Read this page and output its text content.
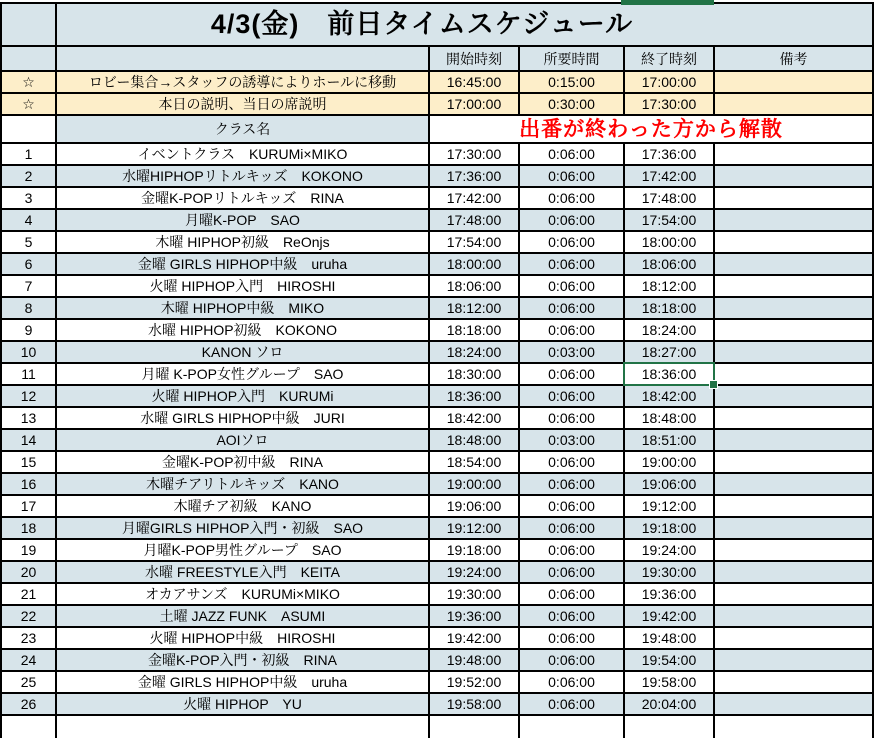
4/3(金)　前日タイムスケジュール
開始時刻	所要時間	終了時刻	備考
☆	ロビー集合→スタッフの誘導によりホールに移動	16:45:00	0:15:00	17:00:00
☆	本日の説明、当日の席説明	17:00:00	0:30:00	17:30:00
クラス名	出番が終わった方から解散
1	イベントクラス　KURUMi×MIKO	17:30:00	0:06:00	17:36:00
2	水曜HIPHOPリトルキッズ　KOKONO	17:36:00	0:06:00	17:42:00
3	金曜K-POPリトルキッズ　RINA	17:42:00	0:06:00	17:48:00
4	月曜K-POP　SAO	17:48:00	0:06:00	17:54:00
5	木曜 HIPHOP初級　ReOnjs	17:54:00	0:06:00	18:00:00
6	金曜 GIRLS HIPHOP中級　uruha	18:00:00	0:06:00	18:06:00
7	火曜 HIPHOP入門　HIROSHI	18:06:00	0:06:00	18:12:00
8	木曜 HIPHOP中級　MIKO	18:12:00	0:06:00	18:18:00
9	水曜 HIPHOP初級　KOKONO	18:18:00	0:06:00	18:24:00
10	KANON ソロ	18:24:00	0:03:00	18:27:00
11	月曜 K-POP女性グループ　SAO	18:30:00	0:06:00	18:36:00
12	火曜 HIPHOP入門　KURUMi	18:36:00	0:06:00	18:42:00
13	水曜 GIRLS HIPHOP中級　JURI	18:42:00	0:06:00	18:48:00
14	AOIソロ	18:48:00	0:03:00	18:51:00
15	金曜K-POP初中級　RINA	18:54:00	0:06:00	19:00:00
16	木曜チアリトルキッズ　KANO	19:00:00	0:06:00	19:06:00
17	木曜チア初級　KANO	19:06:00	0:06:00	19:12:00
18	月曜GIRLS HIPHOP入門・初級　SAO	19:12:00	0:06:00	19:18:00
19	月曜K-POP男性グループ　SAO	19:18:00	0:06:00	19:24:00
20	水曜 FREESTYLE入門　KEITA	19:24:00	0:06:00	19:30:00
21	オカアサンズ　KURUMi×MIKO	19:30:00	0:06:00	19:36:00
22	土曜 JAZZ FUNK　ASUMI	19:36:00	0:06:00	19:42:00
23	火曜 HIPHOP中級　HIROSHI	19:42:00	0:06:00	19:48:00
24	金曜K-POP入門・初級　RINA	19:48:00	0:06:00	19:54:00
25	金曜 GIRLS HIPHOP中級　uruha	19:52:00	0:06:00	19:58:00
26	火曜 HIPHOP　YU	19:58:00	0:06:00	20:04:00
